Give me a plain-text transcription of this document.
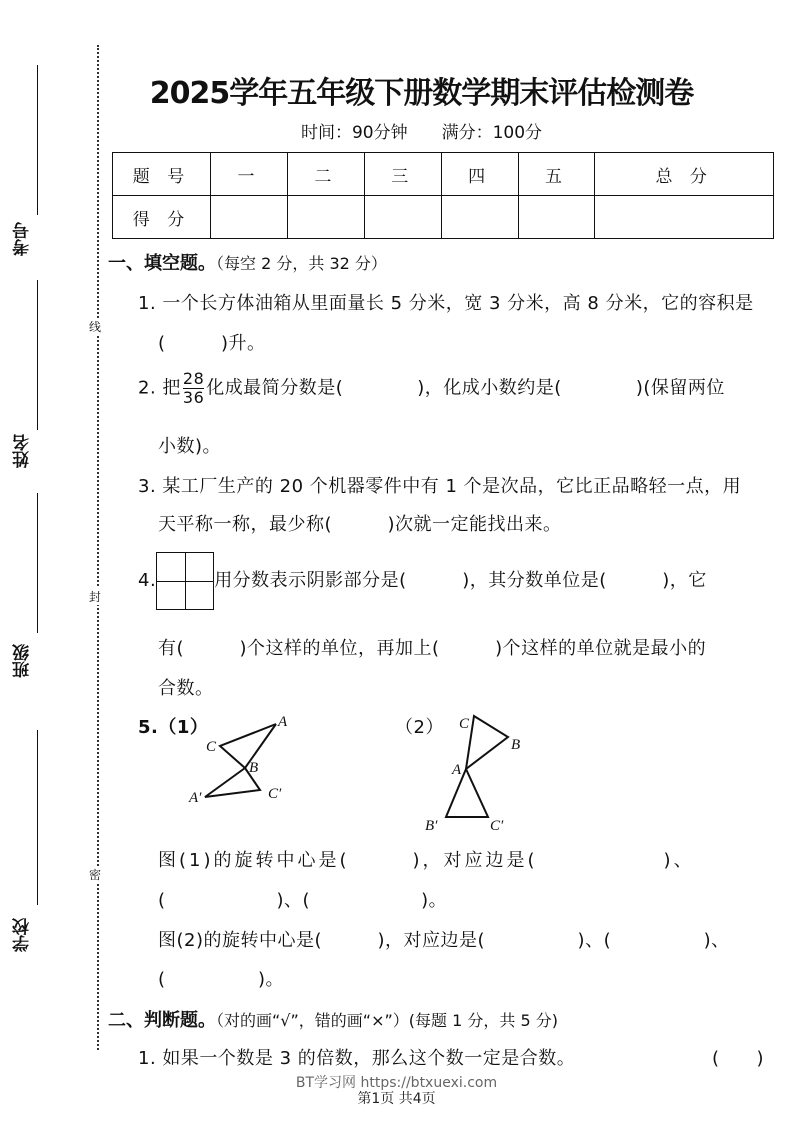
考号
姓名
班级
学校
线
封
密
2025学年五年级下册数学期末评估检测卷
时间：90分钟　　满分：100分
题 号	一	二	三	四	五	总 分
得 分						
一、填空题。（每空 2 分，共 32 分）
1. 一个长方体油箱从里面量长 5 分米，宽 3 分米，高 8 分米，它的容积是
(　　　)升。
2. 把 $\frac{28}{36}$ 化成最简分数是(　　　　)，化成小数约是(　　　　)(保留两位
小数)。
3. 某工厂生产的 20 个机器零件中有 1 个是次品，它比正品略轻一点，用
天平称一称，最少称(　　　)次就一定能找出来。
4.	用分数表示阴影部分是(　　　)，其分数单位是(　　　)，它
有(　　　)个这样的单位，再加上(　　　)个这样的单位就是最小的
合数。
5.（1）	（2）
A
C
B
A′	C′
C
B
A
B′	C′
图(1)的旋转中心是(　　　)，对应边是(　　　　　　)、
(　　　　　　)、(　　　　　　)。
图(2)的旋转中心是(　　　)，对应边是(　　　　　)、(　　　　　)、
(　　　　　)。
二、判断题。（对的画“√”，错的画“×”）(每题 1 分，共 5 分)
1. 如果一个数是 3 的倍数，那么这个数一定是合数。	(　　)
BT学习网 https://btxuexi.com
第1页 共4页
